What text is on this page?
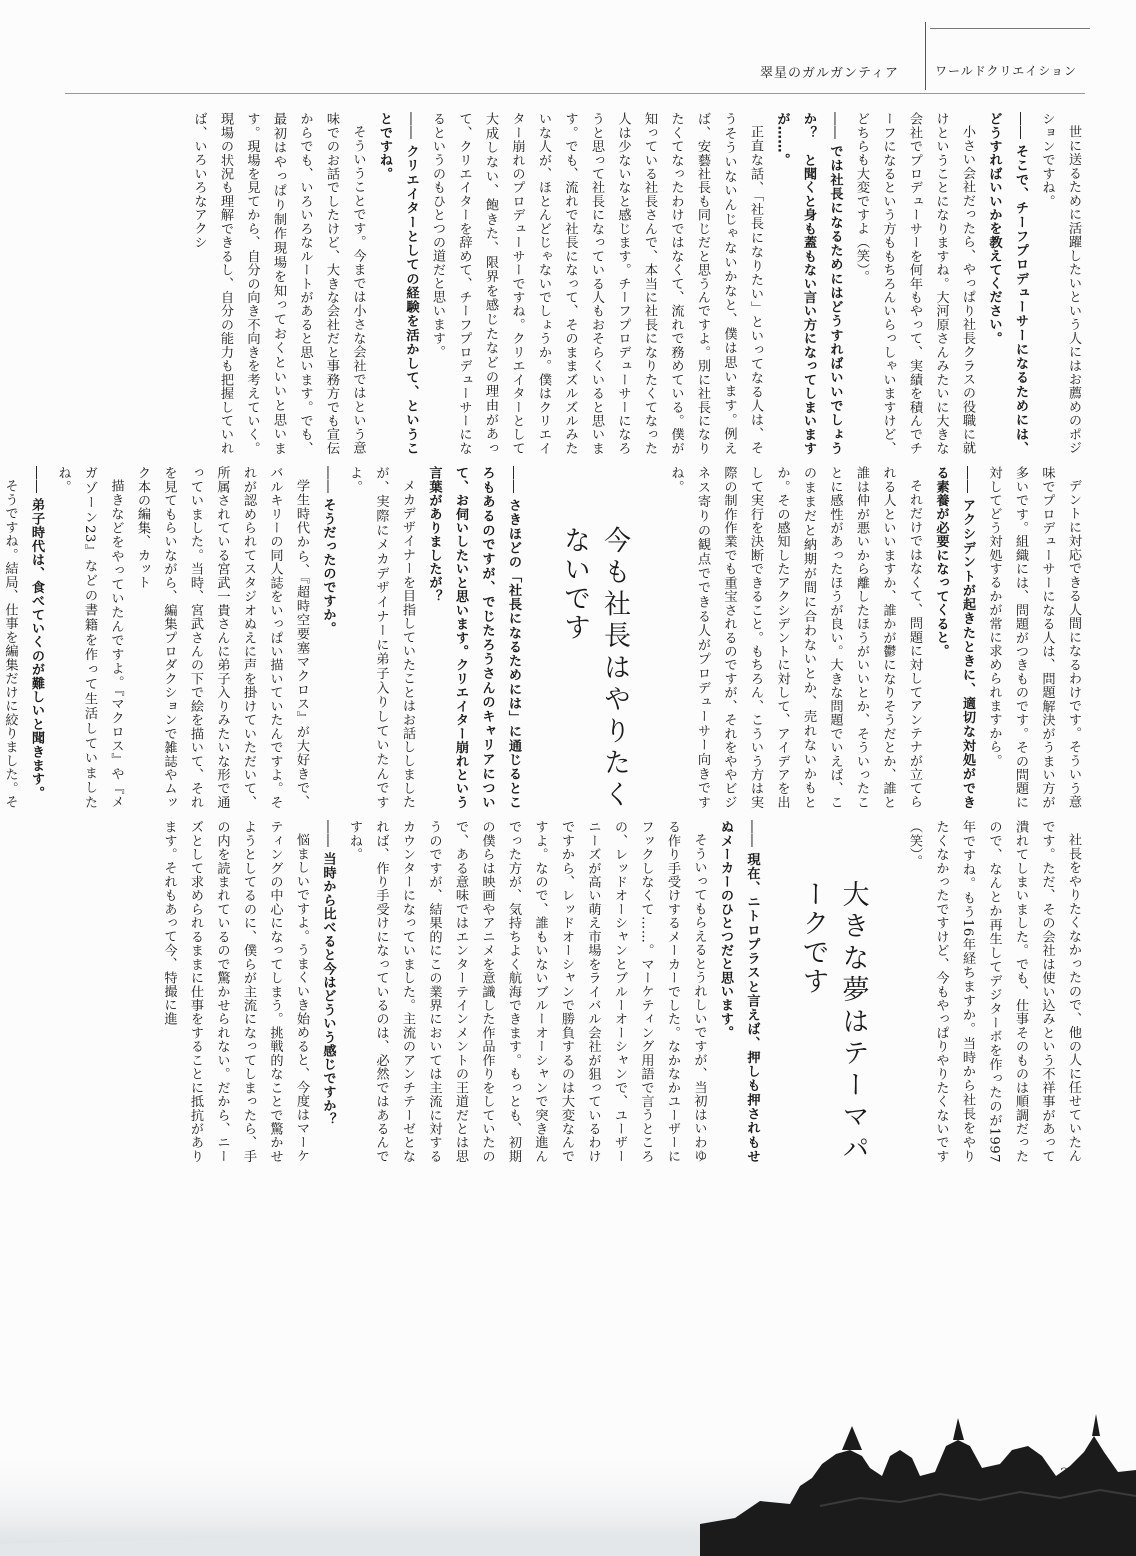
翠星のガルガンティア	ワールドクリエイション

世に送るために活躍したいという人にはお薦めのポジションですね。

―― そこで、チーフプロデューサーになるためには、どうすればいいかを教えてください。

小さい会社だったら、やっぱり社長クラスの役職に就けということになりますね。大河原さんみたいに大きな会社でプロデューサーを何年もやって、実績を積んでチーフになるという方ももちろんいらっしゃいますけど、どちらも大変ですよ（笑）。

―― では社長になるためにはどうすればいいでしょうか？　と聞くと身も蓋もない言い方になってしまいますが……。

正直な話、「社長になりたい」といってなる人は、そうそういないんじゃないかなと、僕は思います。例えば、安藝社長も同じだと思うんですよ。別に社長になりたくてなったわけではなくて、流れで務めている。僕が知っている社長さんで、本当に社長になりたくてなった人は少ないなと感じます。チーフプロデューサーになろうと思って社長になっている人もおそらくいると思います。でも、流れで社長になって、そのままズルズルみたいな人が、ほとんどじゃないでしょうか。僕はクリエイター崩れのプロデューサーですね。クリエイターとして大成しない、飽きた、限界を感じたなどの理由があって、クリエイターを辞めて、チーフプロデューサーになるというのもひとつの道だと思います。

―― クリエイターとしての経験を活かして、ということですね。

そういうことです。今までは小さな会社ではという意味でのお話でしたけど、大きな会社だと事務方でも宣伝からでも、いろいろなルートがあると思います。でも、最初はやっぱり制作現場を知っておくといいと思います。現場を見てから、自分の向き不向きを考えていく。現場の状況も理解できるし、自分の能力も把握していれば、いろいろなアクシ

デントに対応できる人間になるわけです。そういう意味でプロデューサーになる人は、問題解決がうまい方が多いです。組織には、問題がつきものです。その問題に対してどう対処するかが常に求められますから。

―― アクシデントが起きたときに、適切な対処ができる素養が必要になってくると。

それだけではなくて、問題に対してアンテナが立てられる人といいますか、誰かが鬱になりそうだとか、誰と誰は仲が悪いから離したほうがいいとか、そういったことに感性があったほうが良い。大きな問題でいえば、このままだと納期が間に合わないとか、売れないかもとか。その感知したアクシデントに対して、アイデアを出して実行を決断できること。もちろん、こういう方は実際の制作作業でも重宝されるのですが、それをややビジネス寄りの観点でできる人がプロデューサー向きですね。

今も社長はやりたくないです

―― さきほどの「社長になるためには」に通じるところもあるのですが、でじたろうさんのキャリアについて、お伺いしたいと思います。クリエイター崩れという言葉がありましたが？

メカデザイナーを目指していたことはお話ししましたが、実際にメカデザイナーに弟子入りしていたんですよ。

―― そうだったのですか。

学生時代から、『超時空要塞マクロス』が大好きで、バルキリーの同人誌をいっぱい描いていたんですよ。それが認められてスタジオぬえに声を掛けていただいて、所属されている宮武一貴さんに弟子入りみたいな形で通っていました。当時、宮武さんの下で絵を描いて、それを見てもらいながら、編集プロダクションで雑誌やムック本の編集、カット

描きなどをやっていたんですよ。『マクロス』や『メガゾーン23』などの書籍を作って生活していましたね。

―― 弟子時代は、食べていくのが難しいと聞きます。

そうですね。結局、仕事を編集だけに絞りました。そ

社長をやりたくなかったので、他の人に任せていたんです。ただ、その会社は使い込みという不祥事があって潰れてしまいました。でも、仕事そのものは順調だったので、なんとか再生してデジターボを作ったのが1997年ですね。もう16年経ちますか。当時から社長をやりたくなかったですけど、今もやっぱりやりたくないです（笑）。

大きな夢はテーマパークです

―― 現在、ニトロプラスと言えば、押しも押されもせぬメーカーのひとつだと思います。

そういってもらえるとうれしいですが、当初はいわゆる作り手受けするメーカーでした。なかなかユーザーにフックしなくて……。マーケティング用語で言うところの、レッドオーシャンとブルーオーシャンで、ユーザーニーズが高い萌え市場をライバル会社が狙っているわけですから、レッドオーシャンで勝負するのは大変なんですよ。なので、誰もいないブルーオーシャンで突き進んでった方が、気持ちよく航海できます。もっとも、初期の僕らは映画やアニメを意識した作品作りをしていたので、ある意味ではエンターテインメントの王道だとは思うのですが、結果的にこの業界においては主流に対するカウンターになっていました。主流のアンチテーゼとなれば、作り手受けになっているのは、必然ではあるんですね。

―― 当時から比べると今はどういう感じですか？

悩ましいですよ。うまくいき始めると、今度はマーケティングの中心になってしまう。挑戦的なことで驚かせようとしてるのに、僕らが主流になってしまったら、手の内を読まれているので驚かせられない。だから、ニーズとして求められるままに仕事をすることに抵抗があります。それもあって今、特撮に進
